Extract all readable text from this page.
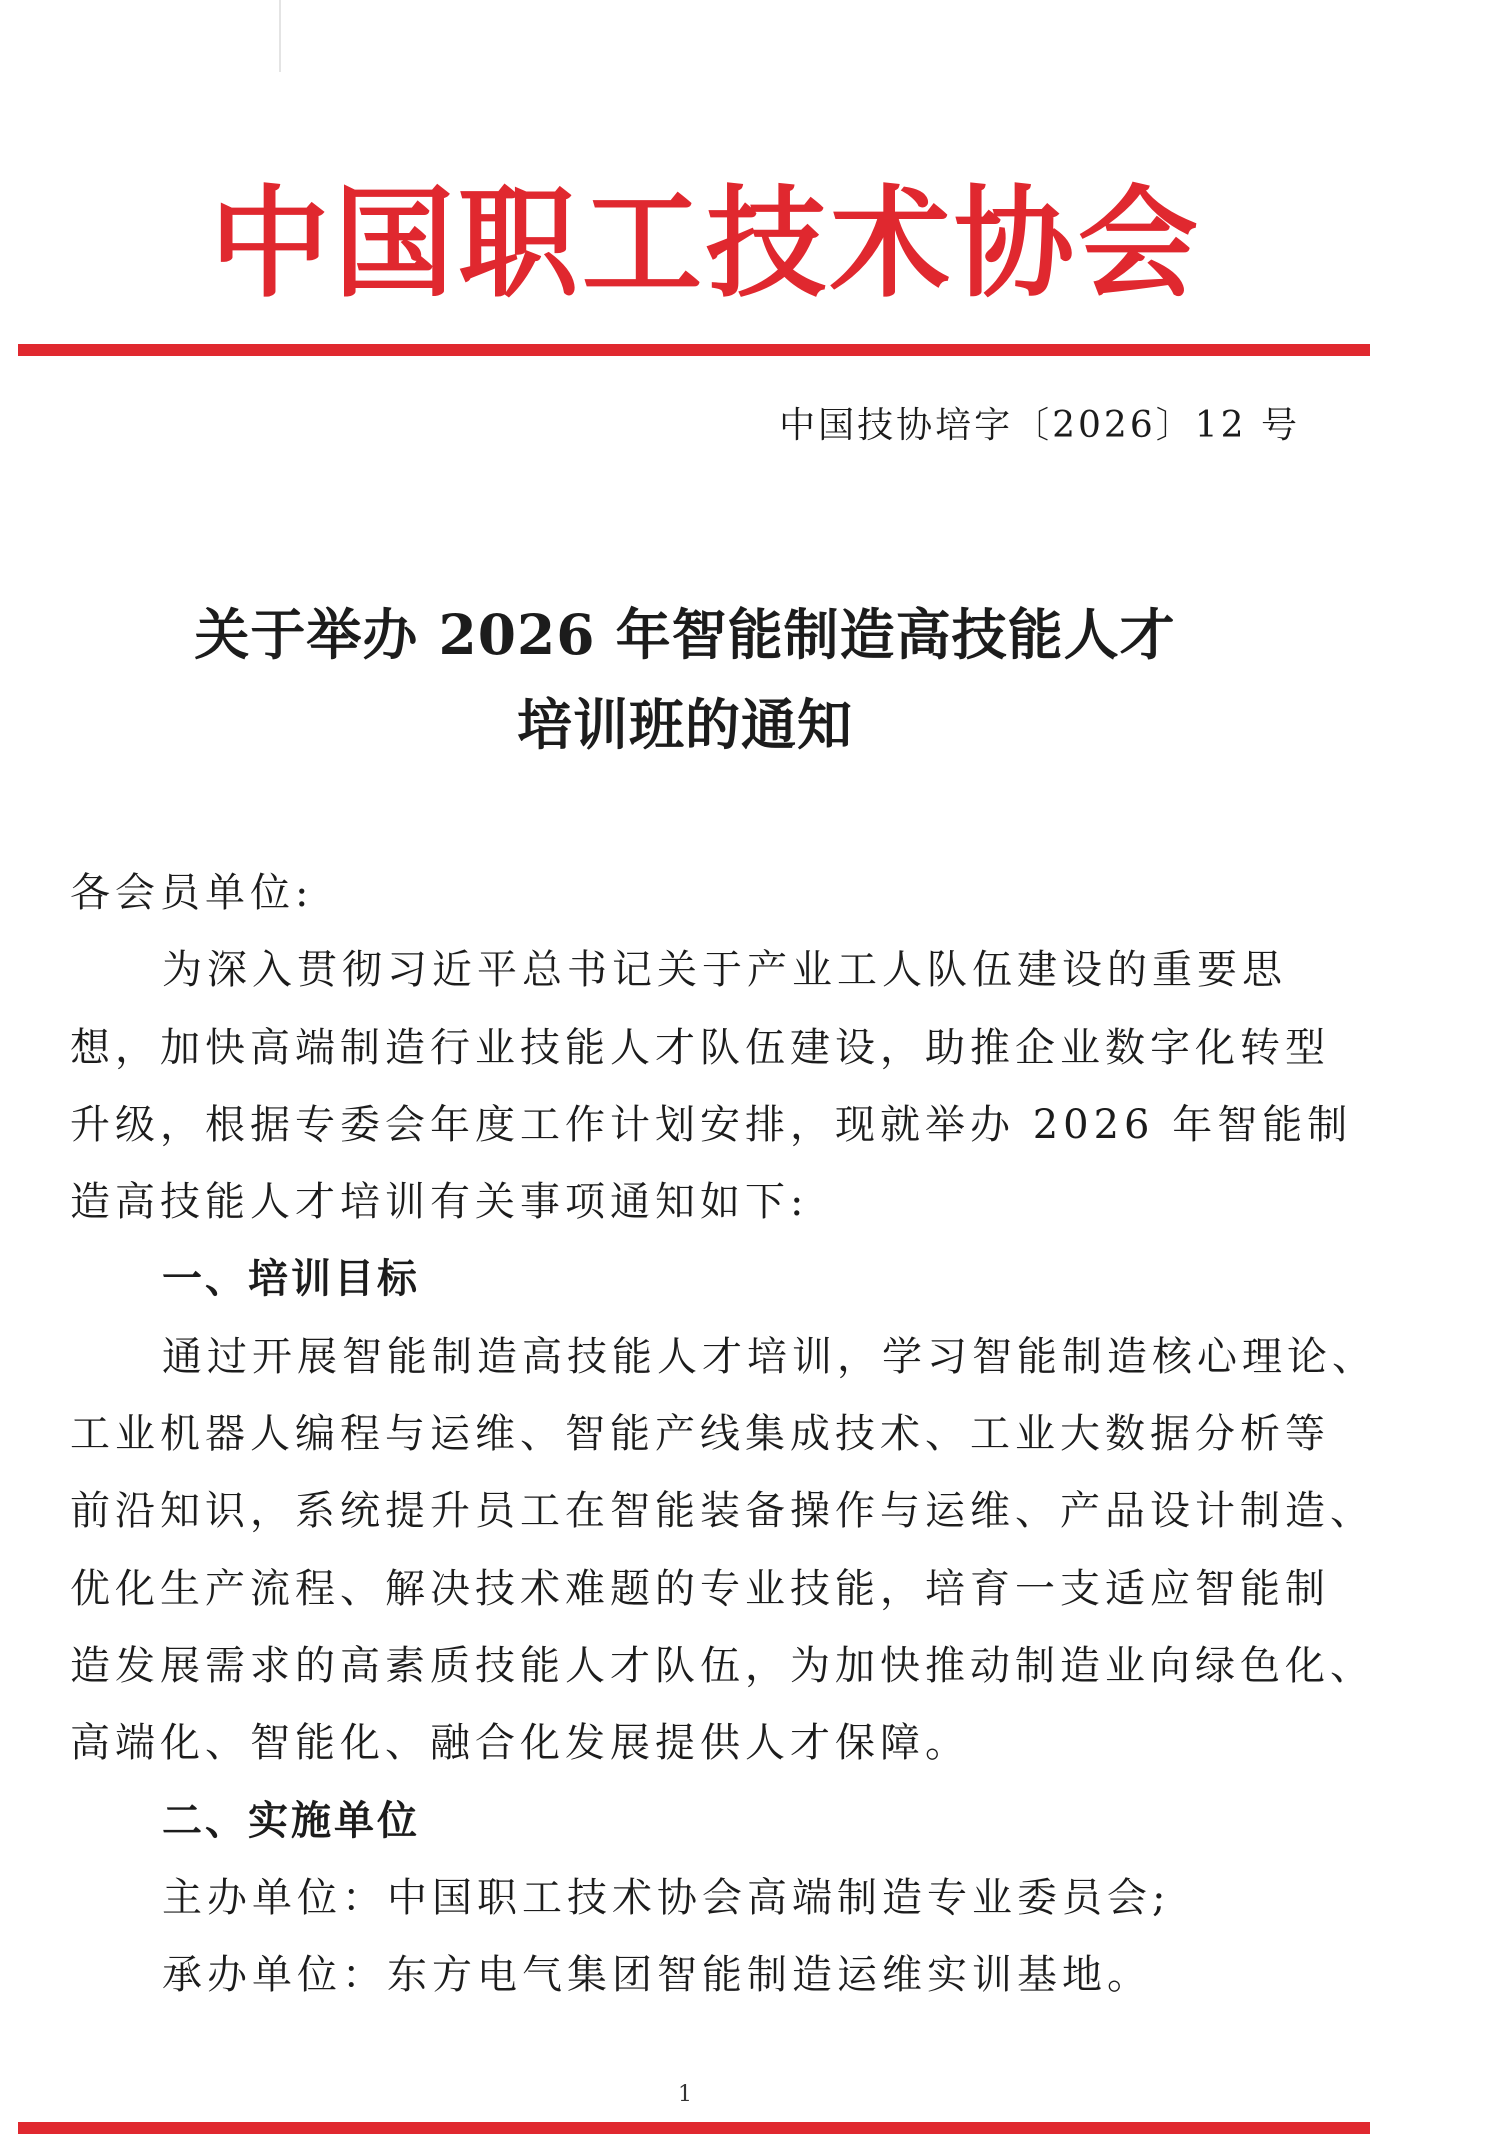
中国职工技术协会
中国技协培字〔2026〕12 号
关于举办 2026 年智能制造高技能人才
培训班的通知

各会员单位:

为深入贯彻习近平总书记关于产业工人队伍建设的重要思

想，加快高端制造行业技能人才队伍建设，助推企业数字化转型

升级，根据专委会年度工作计划安排，现就举办 2026 年智能制

造高技能人才培训有关事项通知如下:

一、培训目标

通过开展智能制造高技能人才培训，学习智能制造核心理论、

工业机器人编程与运维、智能产线集成技术、工业大数据分析等

前沿知识，系统提升员工在智能装备操作与运维、产品设计制造、

优化生产流程、解决技术难题的专业技能，培育一支适应智能制

造发展需求的高素质技能人才队伍，为加快推动制造业向绿色化、

高端化、智能化、融合化发展提供人才保障。

二、实施单位

主办单位：中国职工技术协会高端制造专业委员会;

承办单位：东方电气集团智能制造运维实训基地。

1
